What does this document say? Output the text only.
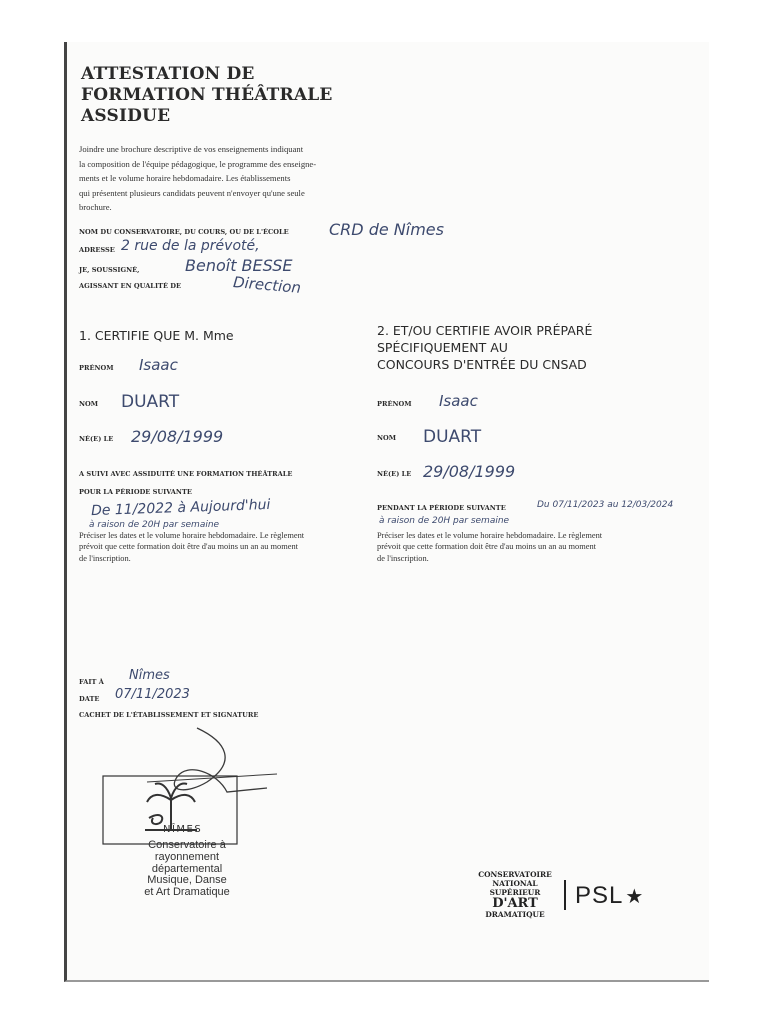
ATTESTATION DE
FORMATION THÉÂTRALE
ASSIDUE
Joindre une brochure descriptive de vos enseignements indiquant
la composition de l'équipe pédagogique, le programme des enseigne-
ments et le volume horaire hebdomadaire. Les établissements
qui présentent plusieurs candidats peuvent n'envoyer qu'une seule
brochure.
NOM DU CONSERVATOIRE, DU COURS, OU DE L'ÉCOLE	CRD de Nîmes
ADRESSE 2 rue de la prévoté,
JE, SOUSSIGNÉ,	Benoît BESSE
AGISSANT EN QUALITÉ DE	Direction
1. CERTIFIE QUE M. Mme
PRÉNOM Isaac
NOM DUART
NÉ(E) LE 29/08/1999
A SUIVI AVEC ASSIDUITÉ UNE FORMATION THÉÂTRALE
POUR LA PÉRIODE SUIVANTE
De 11/2022 à Aujourd'hui
à raison de 20H par semaine
Préciser les dates et le volume horaire hebdomadaire. Le règlement
prévoit que cette formation doit être d'au moins un an au moment
de l'inscription.
2. ET/OU CERTIFIE AVOIR PRÉPARÉ
SPÉCIFIQUEMENT AU
CONCOURS D'ENTRÉE DU CNSAD
PRÉNOM Isaac
NOM DUART
NÉ(E) LE 29/08/1999
PENDANT LA PÉRIODE SUIVANTE	Du 07/11/2023 au 12/03/2024
à raison de 20H par semaine
Préciser les dates et le volume horaire hebdomadaire. Le règlement
prévoit que cette formation doit être d'au moins un an au moment
de l'inscription.
FAIT À Nîmes
DATE 07/11/2023
CACHET DE L'ÉTABLISSEMENT ET SIGNATURE
NÎMES
Conservatoire à
rayonnement
départemental
Musique, Danse
et Art Dramatique
CONSERVATOIRE
NATIONAL
SUPÉRIEUR
D'ART
DRAMATIQUE
PSL ★
